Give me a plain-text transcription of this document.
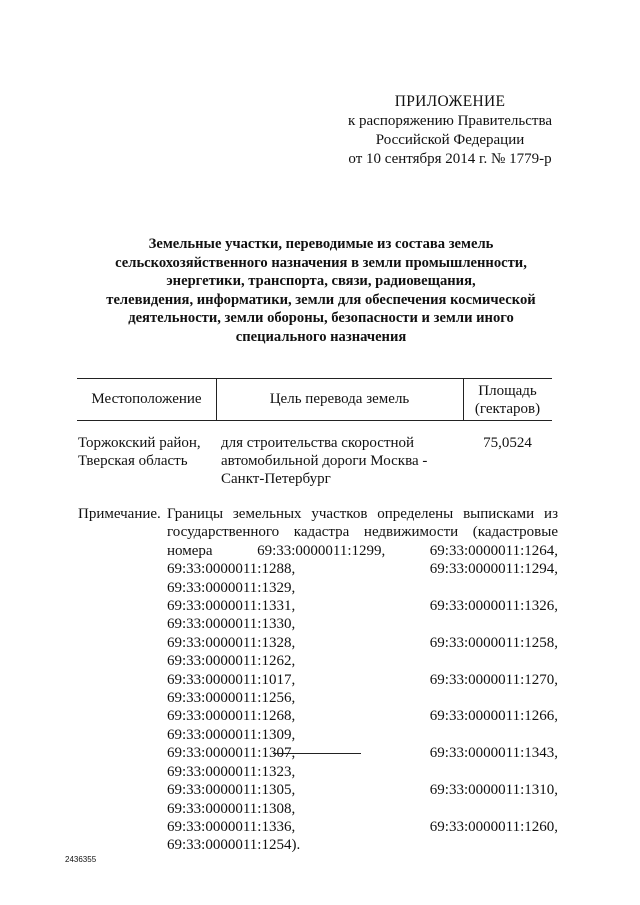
ПРИЛОЖЕНИЕ
к распоряжению Правительства
Российской Федерации
от 10 сентября 2014 г. № 1779-р
Земельные участки, переводимые из состава земель
сельскохозяйственного назначения в земли промышленности,
энергетики, транспорта, связи, радиовещания,
телевидения, информатики, земли для обеспечения космической
деятельности, земли обороны, безопасности и земли иного
специального назначения
Местоположение	Цель перевода земель	Площадь
(гектаров)
Торжокский район,
Тверская область
для строительства скоростной
автомобильной дороги Москва -
Санкт-Петербург
75,0524
Примечание. Границы земельных участков определены выписками из
государственного кадастра недвижимости (кадастровые
номера 69:33:0000011:1299, 69:33:0000011:1264,
69:33:0000011:1288, 69:33:0000011:1294, 69:33:0000011:1329,
69:33:0000011:1331, 69:33:0000011:1326, 69:33:0000011:1330,
69:33:0000011:1328, 69:33:0000011:1258, 69:33:0000011:1262,
69:33:0000011:1017, 69:33:0000011:1270, 69:33:0000011:1256,
69:33:0000011:1268, 69:33:0000011:1266, 69:33:0000011:1309,
69:33:0000011:1307, 69:33:0000011:1343, 69:33:0000011:1323,
69:33:0000011:1305, 69:33:0000011:1310, 69:33:0000011:1308,
69:33:0000011:1336, 69:33:0000011:1260, 69:33:0000011:1254).
2436355
